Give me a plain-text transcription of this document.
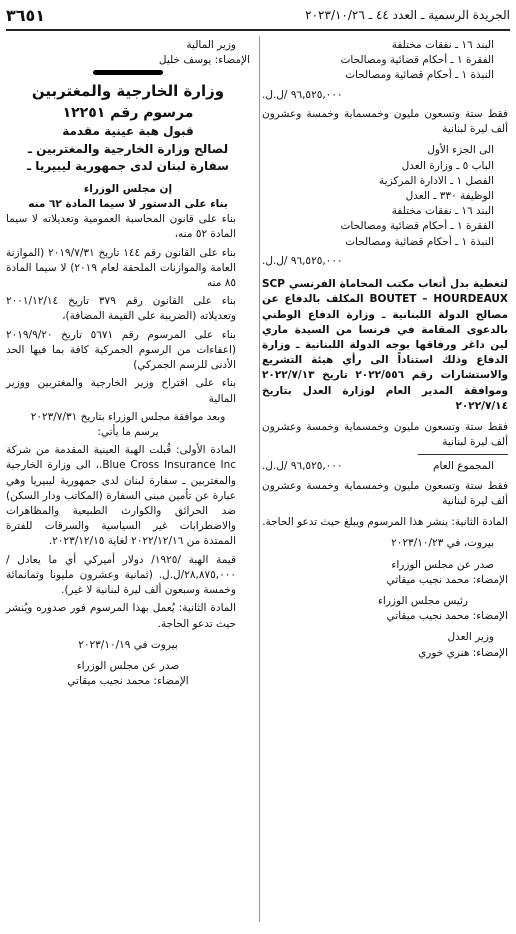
الجريدة الرسمية ـ العدد ٤٤ ـ ٢٠٢٣/١٠/٢٦
٣٦٥١
البند ١٦ ـ نفقات مختلفة
الفقرة ١ ـ أحكام قضائية ومصالحات
النبذة ١ ـ أحكام قضائية ومصالحات
٩٦,٥٢٥,٠٠٠ /ل.ل.
فقط ستة وتسعون مليون وخمسماية وخمسة وعشرون ألف ليرة لبنانية
الى الجزء الأول
الباب ٥ ـ وزارة العدل
الفصل ١ ـ الادارة المركزية
الوظيفة ٣٣٠ ـ العدل
البند ١٦ ـ نفقات مختلفة
الفقرة ١ ـ أحكام قضائية ومصالحات
النبذة ١ ـ أحكام قضائية ومصالحات
٩٦,٥٢٥,٠٠٠ /ل.ل.
لتغطية بدل أتعاب مكتب المحاماة الفرنسي SCP BOUTET – HOURDEAUX المكلف بالدفاع عن مصالح الدولة اللبنانية ـ وزارة الدفاع الوطني بالدعوى المقامة في فرنسا من السيدة ماري لين داغر ورفاقها بوجه الدولة اللبنانية ـ وزارة الدفاع وذلك استناداً الى رأي هيئة التشريع والاستشارات رقم ٢٠٢٢/٥٥٦ تاريخ ٢٠٢٢/٧/١٣ وموافقة المدير العام لوزارة العدل بتاريخ ٢٠٢٢/٧/١٤
فقط ستة وتسعون مليون وخمسماية وخمسة وعشرون ألف ليرة لبنانية
المجموع العام
٩٦,٥٢٥,٠٠٠ /ل.ل.
فقط ستة وتسعون مليون وخمسماية وخمسة وعشرون ألف ليرة لبنانية
المادة الثانية: ينشر هذا المرسوم ويبلغ حيث تدعو الحاجة.
بيروت، في ٢٠٢٣/١٠/٢٣
صدر عن مجلس الوزراء
الإمضاء: محمد نجيب ميقاتي
رئيس مجلس الوزراء
الإمضاء: محمد نجيب ميقاتي
وزير العدل
الإمضاء: هنري خوري
وزير المالية
الإمضاء: يوسف خليل
وزارة الخارجية والمغتربين
مرسوم رقم ١٢٢٥١
قبول هبة عينية مقدمة
لصالح وزارة الخارجية والمغتربين ـ
سفارة لبنان لدى جمهورية ليبيريا ـ
إن مجلس الوزراء
بناء على الدستور لا سيما المادة ٦٢ منه
بناء على قانون المحاسبة العمومية وتعديلاته لا سيما المادة ٥٢ منه،
بناء على القانون رقم ١٤٤ تاريخ ٢٠١٩/٧/٣١ (الموازنة العامة والموازنات الملحقة لعام ٢٠١٩) لا سيما المادة ٨٥ منه
بناء على القانون رقم ٣٧٩ تاريخ ٢٠٠١/١٢/١٤ وتعديلاته (الضريبة على القيمة المضافة)،
بناء على المرسوم رقم ٥٦٧١ تاريخ ٢٠١٩/٩/٢٠ (اعفاءات من الرسوم الجمركية كافة بما فيها الحد الأدنى للرسم الجمركي)
بناء على اقتراح وزير الخارجية والمغتربين ووزير المالية
وبعد موافقة مجلس الوزراء بتاريخ ٢٠٢٣/٧/٣١
يرسم ما يأتي:
المادة الأولى: قُبلت الهبة العينية المقدمة من شركة Blue Cross Insurance Inc.، الى وزارة الخارجية والمغتربين ـ سفارة لبنان لدى جمهورية ليبيريا وهي عبارة عن تأمين مبنى السفارة (المكاتب ودار السكن) ضد الحرائق والكوارث الطبيعية والمظاهرات والاضطرابات غير السياسية والسرقات للفترة الممتدة من ٢٠٢٢/١٢/١٦ لغاية ٢٠٢٣/١٢/١٥.
قيمة الهبة /١٩٢٥/ دولار أميركي أي ما يعادل /٢٨,٨٧٥,٠٠٠/ل.ل. (ثمانية وعشرون مليونا وثمانمائة وخمسة وسبعون ألف ليرة لبنانية لا غير).
المادة الثانية: يُعمل بهذا المرسوم فور صدوره ويُنشر حيث تدعو الحاجة.
بيروت في ٢٠٢٣/١٠/١٩
صدر عن مجلس الوزراء
الإمضاء: محمد نجيب ميقاتي
